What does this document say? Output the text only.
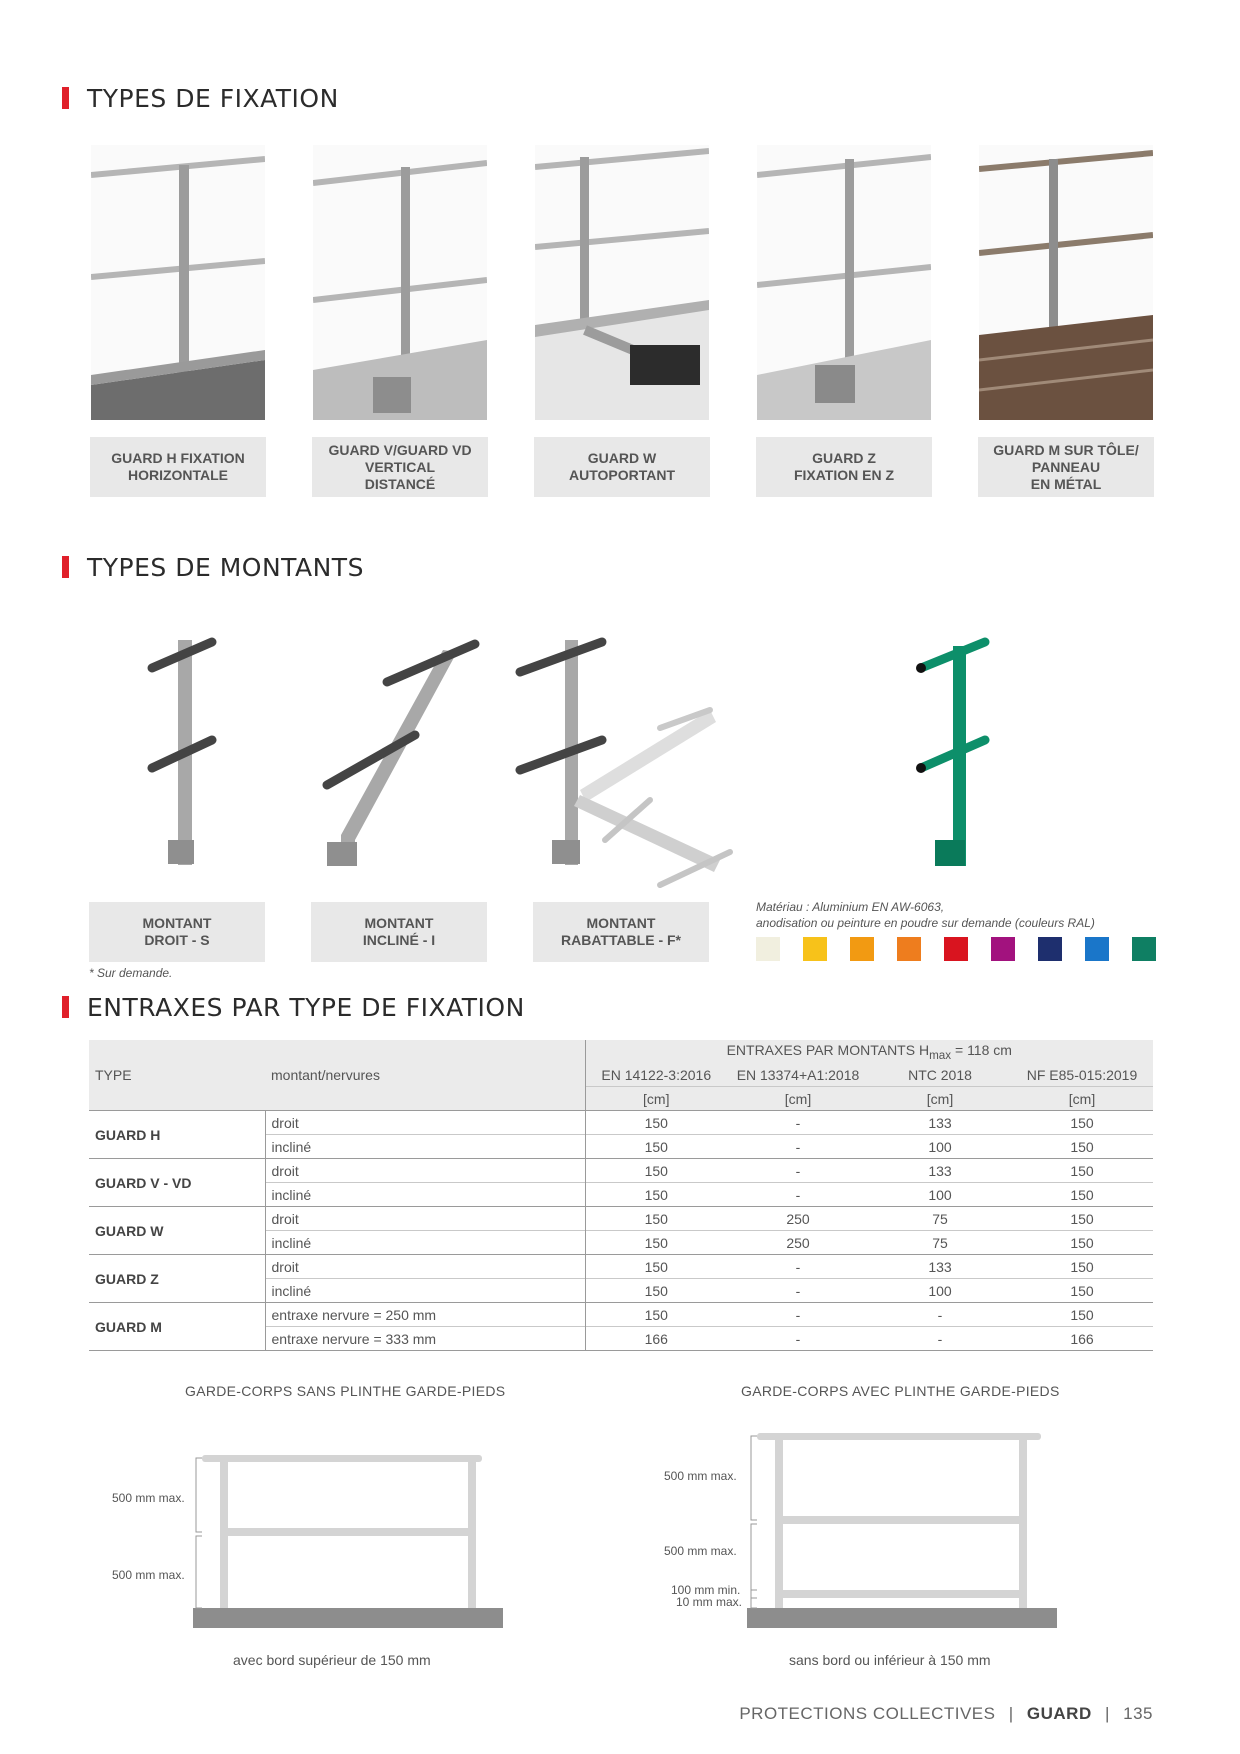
TYPES DE FIXATION
GUARD H FIXATION
HORIZONTALE
GUARD V/GUARD VD
VERTICAL
DISTANCÉ
GUARD W
AUTOPORTANT
GUARD Z
FIXATION EN Z
GUARD M SUR TÔLE/
PANNEAU
EN MÉTAL
TYPES DE MONTANTS
MONTANT
DROIT - S
MONTANT
INCLINÉ - I
MONTANT
RABATTABLE - F*
* Sur demande.
Matériau : Aluminium EN AW-6063,
anodisation ou peinture en poudre sur demande (couleurs RAL)
ENTRAXES PAR TYPE DE FIXATION
		ENTRAXES PAR MONTANTS $H_{max} = 118$ cm			
TYPE	montant/nervures	EN 14122-3:2016	EN 13374+A1:2018	NTC 2018	NF E85-015:2019
		[cm]	[cm]	[cm]	[cm]
GUARD H	droit	150	-	133	150
	incliné	150	-	100	150
GUARD V - VD	droit	150	-	133	150
	incliné	150	-	100	150
GUARD W	droit	150	250	75	150
	incliné	150	250	75	150
GUARD Z	droit	150	-	133	150
	incliné	150	-	100	150
GUARD M	entraxe nervure = 250 mm	150	-	-	150
	entraxe nervure = 333 mm	166	-	-	166

GARDE-CORPS SANS PLINTHE GARDE-PIEDS	GARDE-CORPS AVEC PLINTHE GARDE-PIEDS
500 mm max.
500 mm max.
avec bord supérieur de 150 mm
500 mm max.
500 mm max.
100 mm min.
10 mm max.
sans bord ou inférieur à 150 mm
PROTECTIONS COLLECTIVES | GUARD | 135
